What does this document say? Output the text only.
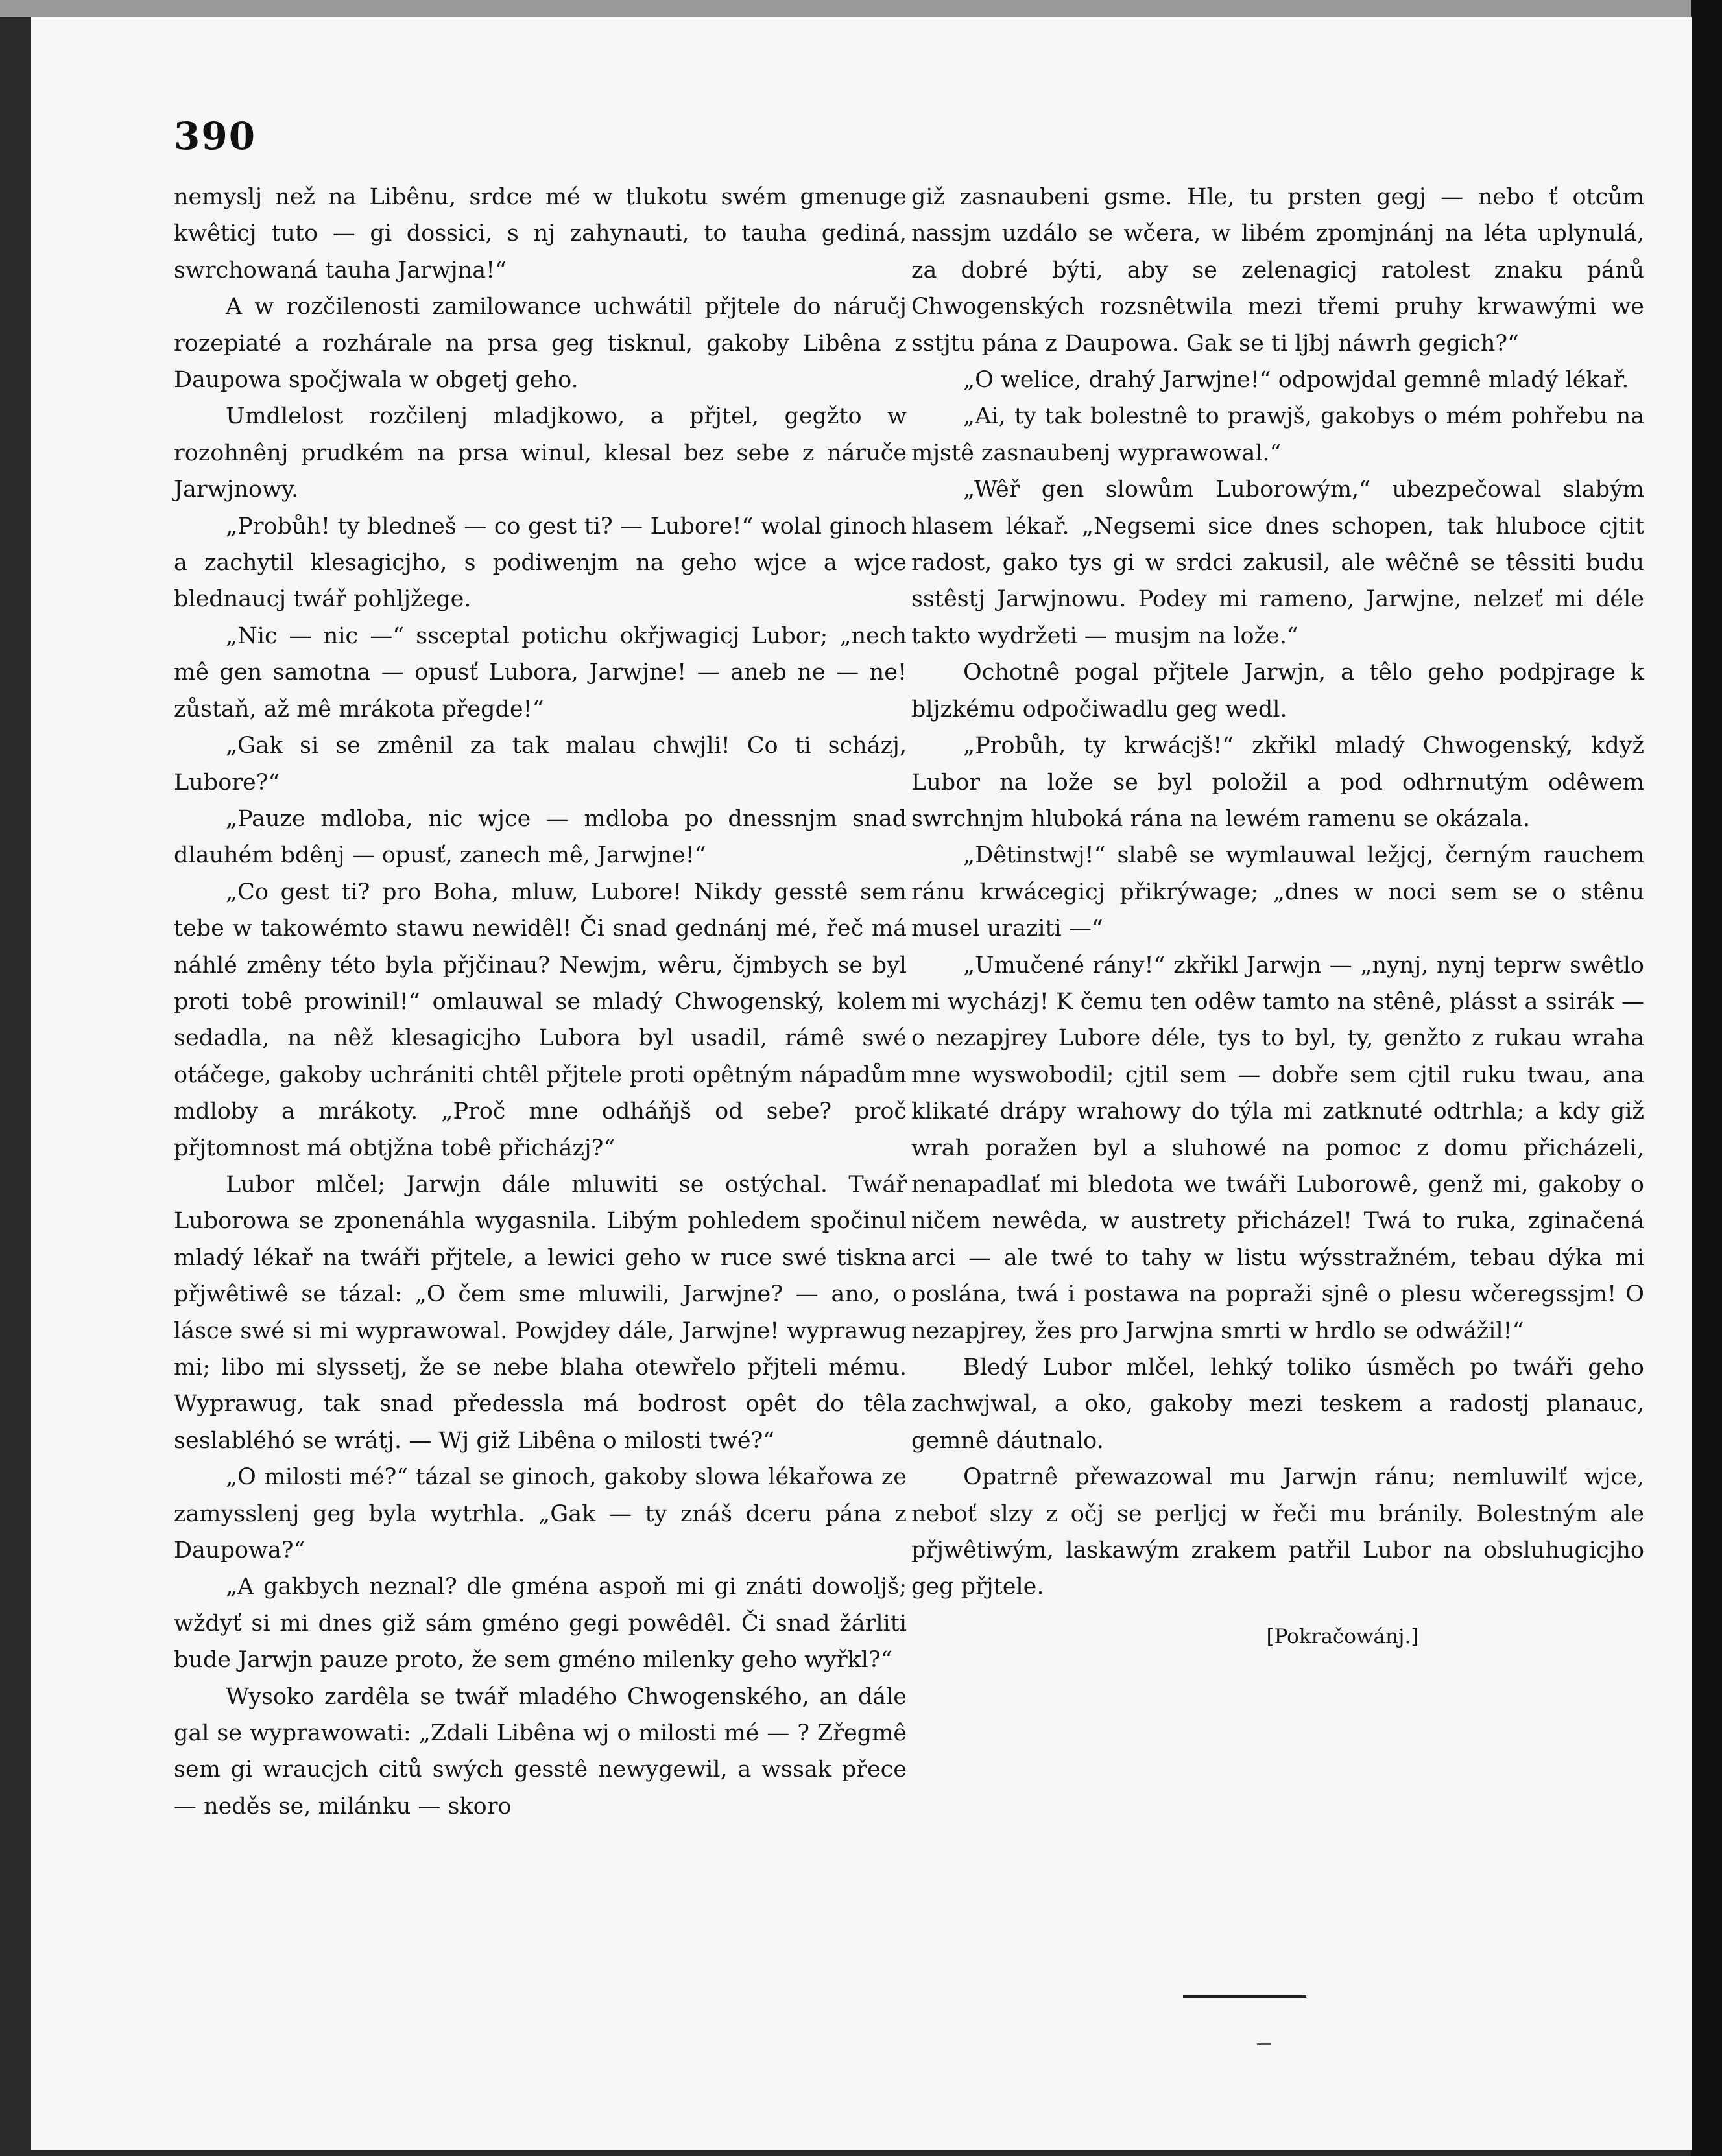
390

nemyslj než na Libênu, srdce mé w tlukotu swém gmenuge kwêticj tuto — gi dossici, s nj zahynauti, to tauha gediná, swrchowaná tauha Jarwjna!“

A w rozčilenosti zamilowance uchwátil přjtele do náručj rozepiaté a rozhárale na prsa geg tisknul, gakoby Libêna z Daupowa spočjwala w obgetj geho.

Umdlelost rozčilenj mladjkowo, a přjtel, gegžto w rozohnênj prudkém na prsa winul, klesal bez sebe z náruče Jarwjnowy.

„Probůh! ty bledneš — co gest ti? — Lubore!“ wolal ginoch a zachytil klesagicjho, s podiwenjm na geho wjce a wjce blednaucj twář pohljžege.

„Nic — nic —“ ssceptal potichu okřjwagicj Lubor; „nech mê gen samotna — opusť Lubora, Jarwjne! — aneb ne — ne! zůstaň, až mê mrákota přegde!“

„Gak si se zmênil za tak malau chwjli! Co ti scházj, Lubore?“

„Pauze mdloba, nic wjce — mdloba po dnessnjm snad dlauhém bdênj — opusť, zanech mê, Jarwjne!“

„Co gest ti? pro Boha, mluw, Lubore! Nikdy gesstê sem tebe w takowémto stawu newidêl! Či snad gednánj mé, řeč má náhlé zmêny této byla přjčinau? Newjm, wêru, čjmbych se byl proti tobê prowinil!“ omlauwal se mladý Chwogenský, kolem sedadla, na nêž klesagicjho Lubora byl usadil, rámê swé otáčege, gakoby uchrániti chtêl přjtele proti opêtným nápadům mdloby a mrákoty. „Proč mne odháňjš od sebe? proč přjtomnost má obtjžna tobê přicházj?“

Lubor mlčel; Jarwjn dále mluwiti se ostýchal. Twář Luborowa se zponenáhla wygasnila. Libým pohledem spočinul mladý lékař na twáři přjtele, a lewici geho w ruce swé tiskna přjwêtiwê se tázal: „O čem sme mluwili, Jarwjne? — ano, o lásce swé si mi wyprawowal. Powjdey dále, Jarwjne! wyprawug mi; libo mi slyssetj, že se nebe blaha otewřelo přjteli mému. Wyprawug, tak snad předessla má bodrost opêt do têla seslabléhó se wrátj. — Wj giž Libêna o milosti twé?“

„O milosti mé?“ tázal se ginoch, gakoby slowa lékařowa ze zamysslenj geg byla wytrhla. „Gak — ty znáš dceru pána z Daupowa?“

„A gakbych neznal? dle gména aspoň mi gi znáti dowoljš; wždyť si mi dnes giž sám gméno gegi powêdêl. Či snad žárliti bude Jarwjn pauze proto, že sem gméno milenky geho wyřkl?“

Wysoko zardêla se twář mladého Chwogenského, an dále gal se wyprawowati: „Zdali Libêna wj o milosti mé — ? Zřegmê sem gi wraucjch citů swých gesstê newygewil, a wssak přece — neděs se, milánku — skoro

giž zasnaubeni gsme. Hle, tu prsten gegj — nebo ť otcům nassjm uzdálo se wčera, w libém zpomjnánj na léta uplynulá, za dobré býti, aby se zelenagicj ratolest znaku pánů Chwogenských rozsnêtwila mezi třemi pruhy krwawými we sstjtu pána z Daupowa. Gak se ti ljbj náwrh gegich?“

„O welice, drahý Jarwjne!“ odpowjdal gemnê mladý lékař.

„Ai, ty tak bolestnê to prawjš, gakobys o mém pohřebu na mjstê zasnaubenj wyprawowal.“

„Wêř gen slowům Luborowým,“ ubezpečowal slabým hlasem lékař. „Negsemi sice dnes schopen, tak hluboce cjtit radost, gako tys gi w srdci zakusil, ale wêčnê se têssiti budu sstêstj Jarwjnowu. Podey mi rameno, Jarwjne, nelzeť mi déle takto wydržeti — musjm na lože.“

Ochotnê pogal přjtele Jarwjn, a têlo geho podpjrage k bljzkému odpočiwadlu geg wedl.

„Probůh, ty krwácjš!“ zkřikl mladý Chwogenský, když Lubor na lože se byl položil a pod odhrnutým odêwem swrchnjm hluboká rána na lewém ramenu se okázala.

„Dêtinstwj!“ slabê se wymlauwal ležjcj, černým rauchem ránu krwácegicj přikrýwage; „dnes w noci sem se o stênu musel uraziti —“

„Umučené rány!“ zkřikl Jarwjn — „nynj, nynj teprw swêtlo mi wycházj! K čemu ten odêw tamto na stênê, plásst a ssirák — o nezapjrey Lubore déle, tys to byl, ty, genžto z rukau wraha mne wyswobodil; cjtil sem — dobře sem cjtil ruku twau, ana klikaté drápy wrahowy do týla mi zatknuté odtrhla; a kdy giž wrah poražen byl a sluhowé na pomoc z domu přicházeli, nenapadlať mi bledota we twáři Luborowê, genž mi, gakoby o ničem newêda, w austrety přicházel! Twá to ruka, zginačená arci — ale twé to tahy w listu wýsstražném, tebau dýka mi poslána, twá i postawa na popraži sjnê o plesu wčeregssjm! O nezapjrey, žes pro Jarwjna smrti w hrdlo se odwážil!“

Bledý Lubor mlčel, lehký toliko úsměch po twáři geho zachwjwal, a oko, gakoby mezi teskem a radostj planauc, gemnê dáutnalo.

Opatrnê přewazowal mu Jarwjn ránu; nemluwilť wjce, neboť slzy z očj se perljcj w řeči mu bránily. Bolestným ale přjwêtiwým, laskawým zrakem patřil Lubor na obsluhugicjho geg přjtele.

[Pokračowánj.]
